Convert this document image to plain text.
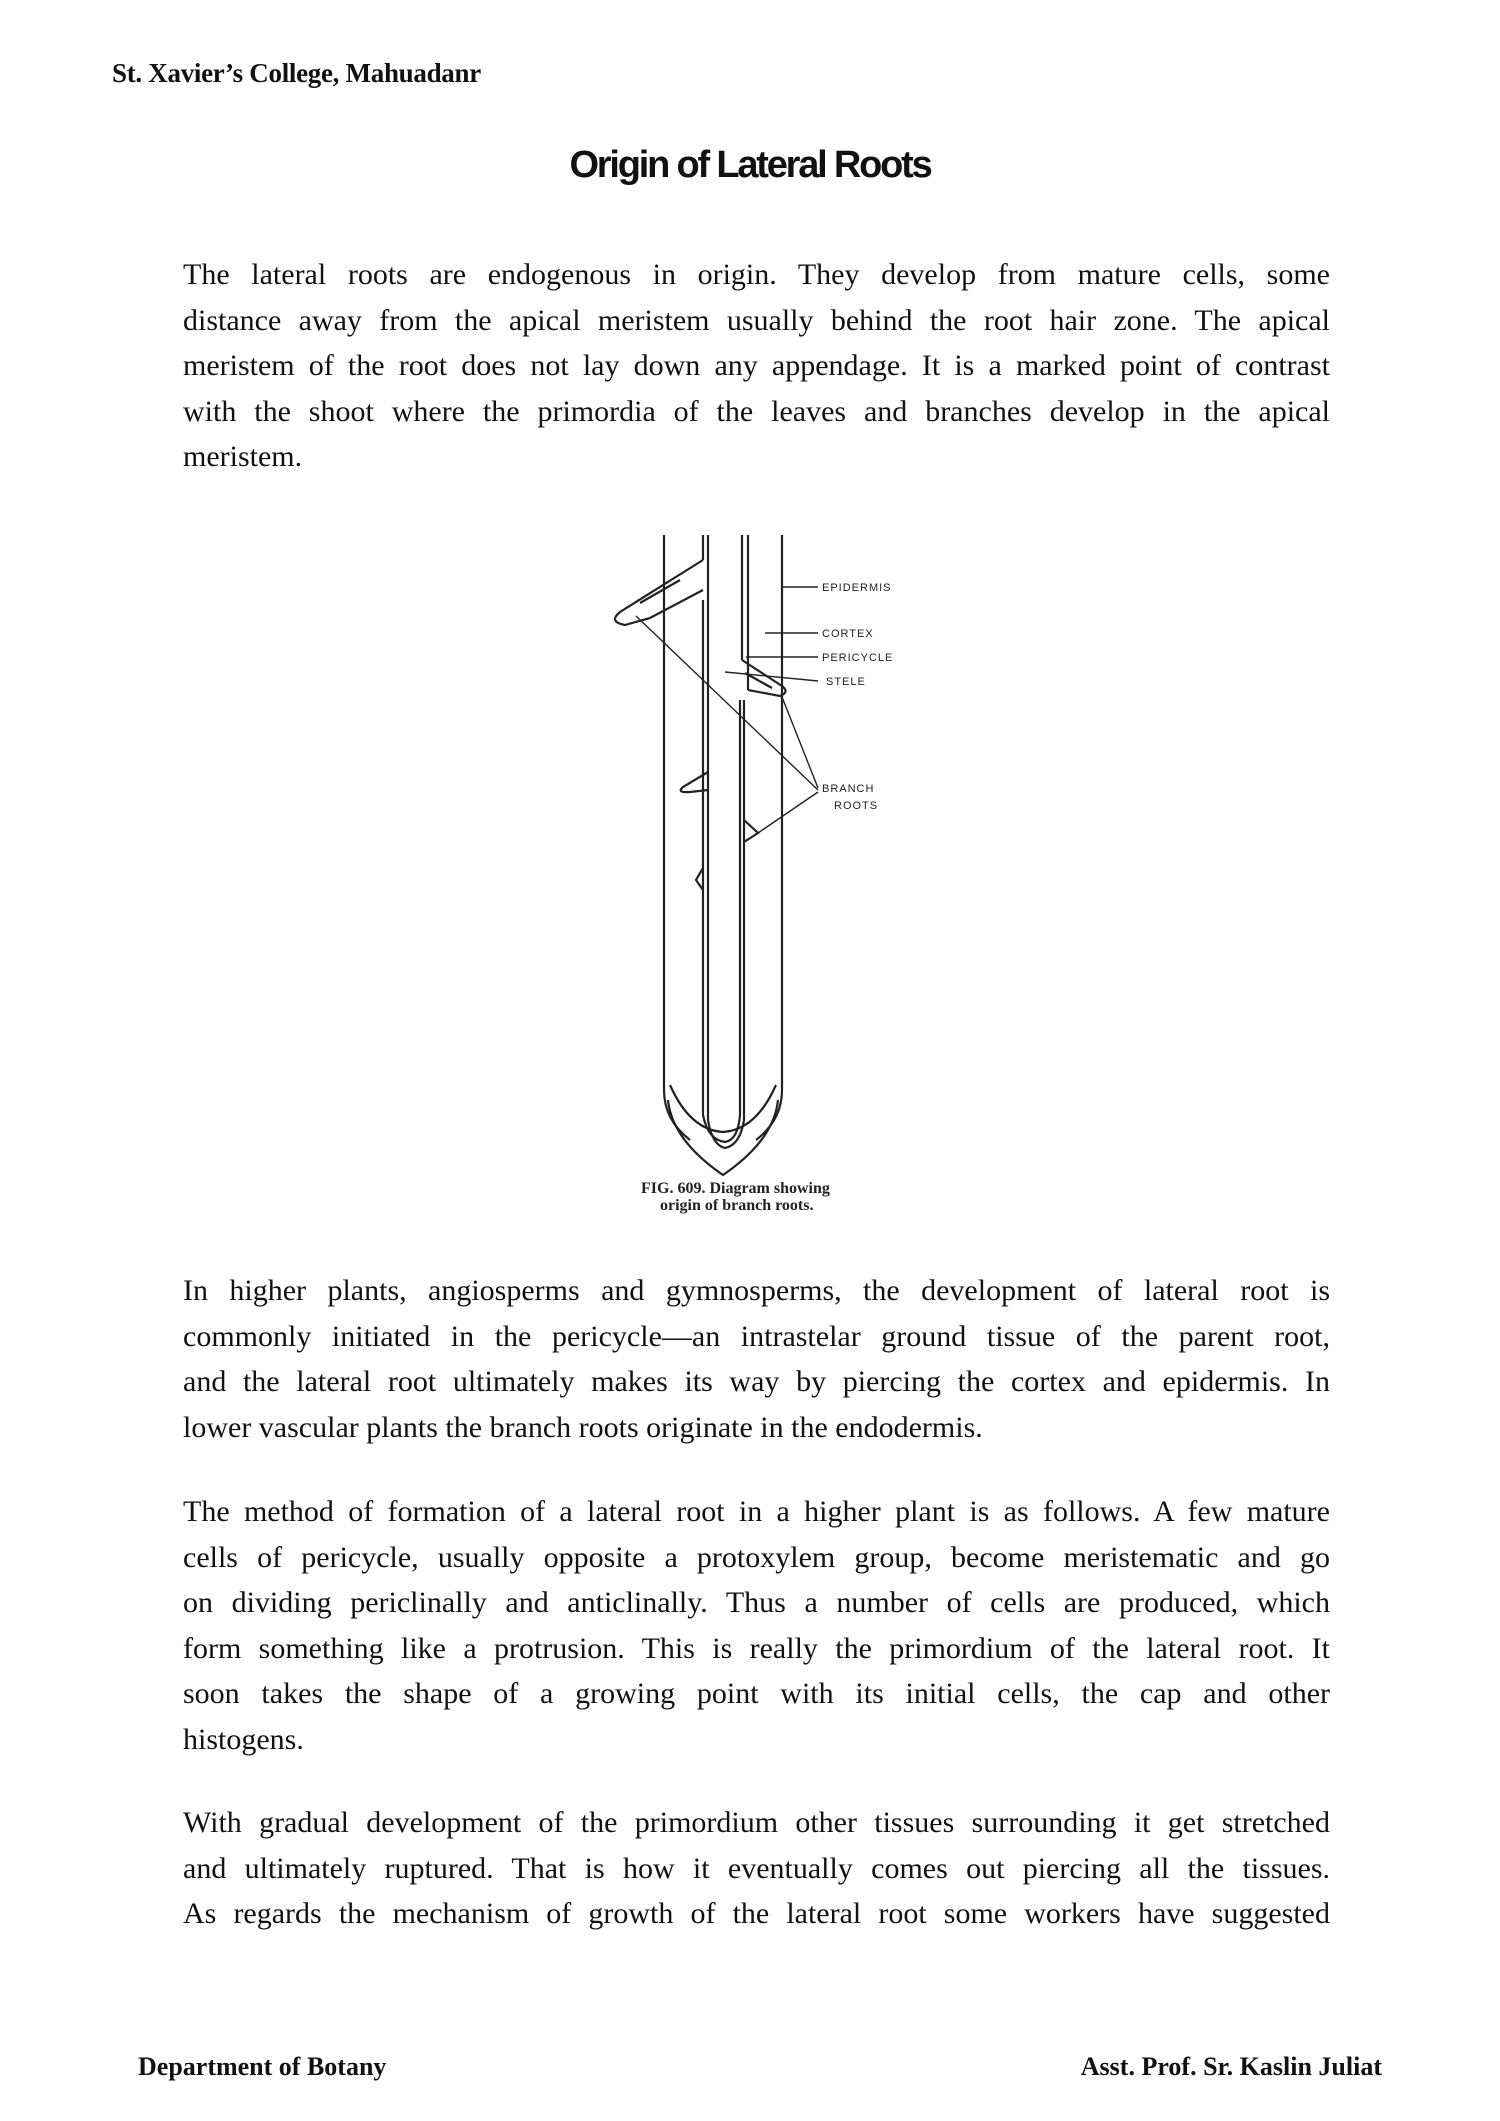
St. Xavier’s College, Mahuadanr
Origin of Lateral Roots
The lateral roots are endogenous in origin. They develop from mature cells, some
distance away from the apical meristem usually behind the root hair zone. The apical
meristem of the root does not lay down any appendage. It is a marked point of contrast
with the shoot where the primordia of the leaves and branches develop in the apical
meristem.
EPIDERMIS
CORTEX
PERICYCLE
STELE
BRANCH
ROOTS
FIG. 609. Diagram showing
origin of branch roots.
In higher plants, angiosperms and gymnosperms, the development of lateral root is
commonly initiated in the pericycle—an intrastelar ground tissue of the parent root,
and the lateral root ultimately makes its way by piercing the cortex and epidermis. In
lower vascular plants the branch roots originate in the endodermis.
The method of formation of a lateral root in a higher plant is as follows. A few mature
cells of pericycle, usually opposite a protoxylem group, become meristematic and go
on dividing periclinally and anticlinally. Thus a number of cells are produced, which
form something like a protrusion. This is really the primordium of the lateral root. It
soon takes the shape of a growing point with its initial cells, the cap and other
histogens.
With gradual development of the primordium other tissues surrounding it get stretched
and ultimately ruptured. That is how it eventually comes out piercing all the tissues.
As regards the mechanism of growth of the lateral root some workers have suggested
Department of Botany	Asst. Prof. Sr. Kaslin Juliat
